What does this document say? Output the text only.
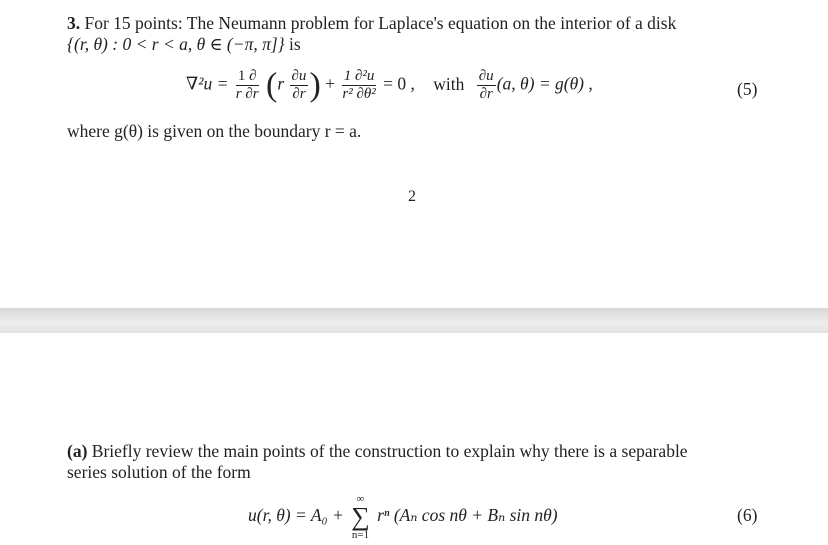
3. For 15 points: The Neumann problem for Laplace's equation on the interior of a disk
{(r, θ) : 0 < r < a, θ ∈ (−π, π]} is
$\nabla^2u = \frac{1 \partial}{r \partial r} (r \frac{\partial u}{\partial r}$ ) + $\frac{\text{1 ∂²u}}{\text{r² ∂θ²}} = 0$ , with $\frac{\partial u}{\partial r} (a$, θ) = g(θ) ,	(5)
where g(θ) is given on the boundary r = a.
2
(a) Briefly review the main points of the construction to explain why there is a separable
series solution of the form
u(r, θ) = A₀ +
∞
∑
n=1
rⁿ (Aₙ cos nθ + Bₙ sin nθ)	(6)
